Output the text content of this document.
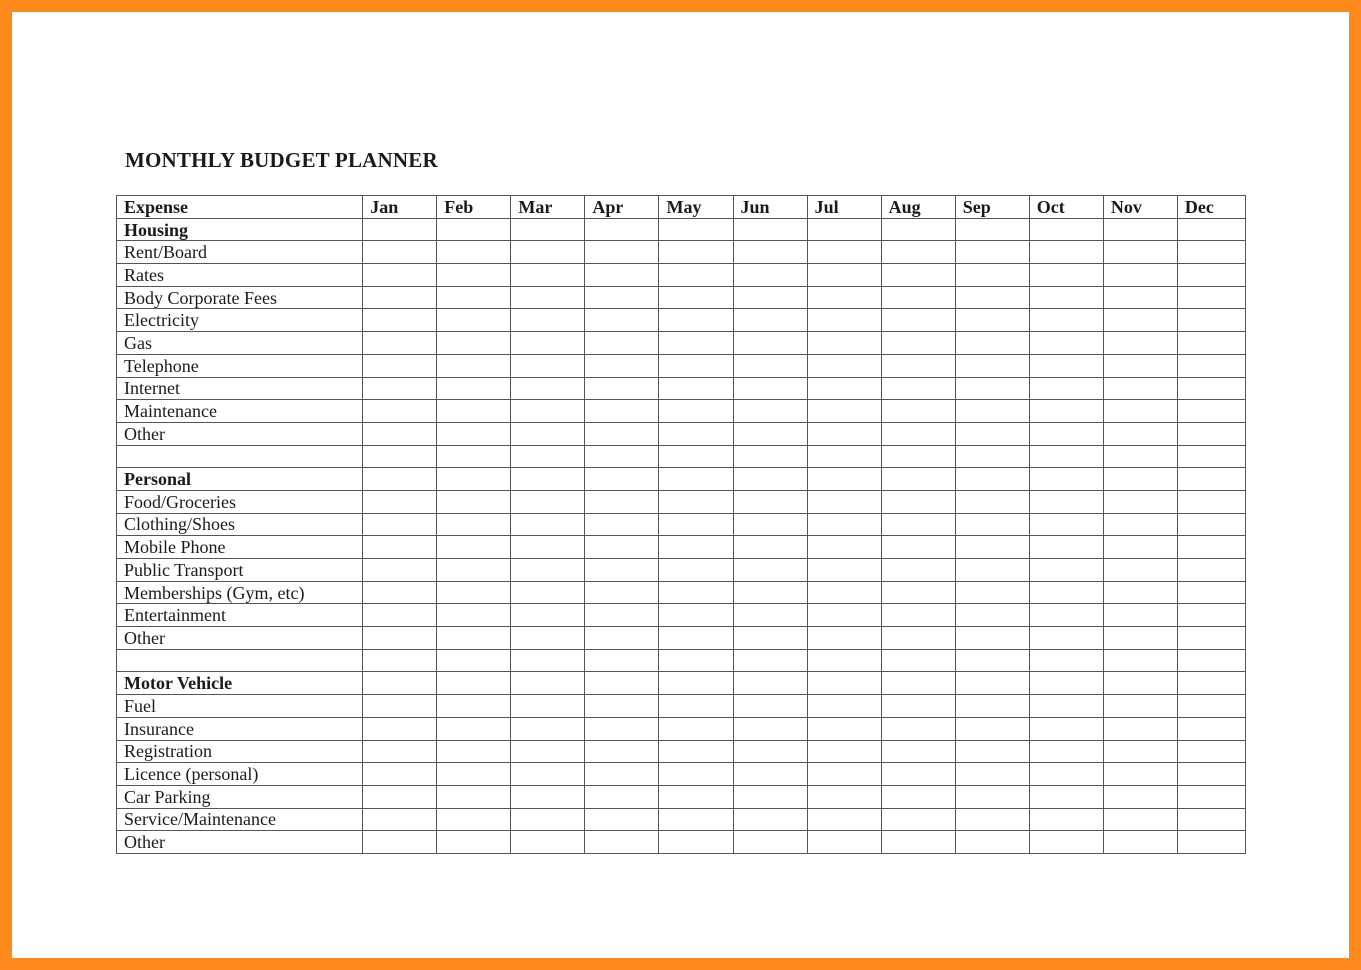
MONTHLY BUDGET PLANNER
Expense	Jan	Feb	Mar	Apr	May	Jun	Jul	Aug	Sep	Oct	Nov	Dec
Housing												
Rent/Board												
Rates												
Body Corporate Fees												
Electricity												
Gas												
Telephone												
Internet												
Maintenance												
Other												

Personal												
Food/Groceries												
Clothing/Shoes												
Mobile Phone												
Public Transport												
Memberships (Gym, etc)												
Entertainment												
Other												

Motor Vehicle												
Fuel												
Insurance												
Registration												
Licence (personal)												
Car Parking												
Service/Maintenance												
Other												
